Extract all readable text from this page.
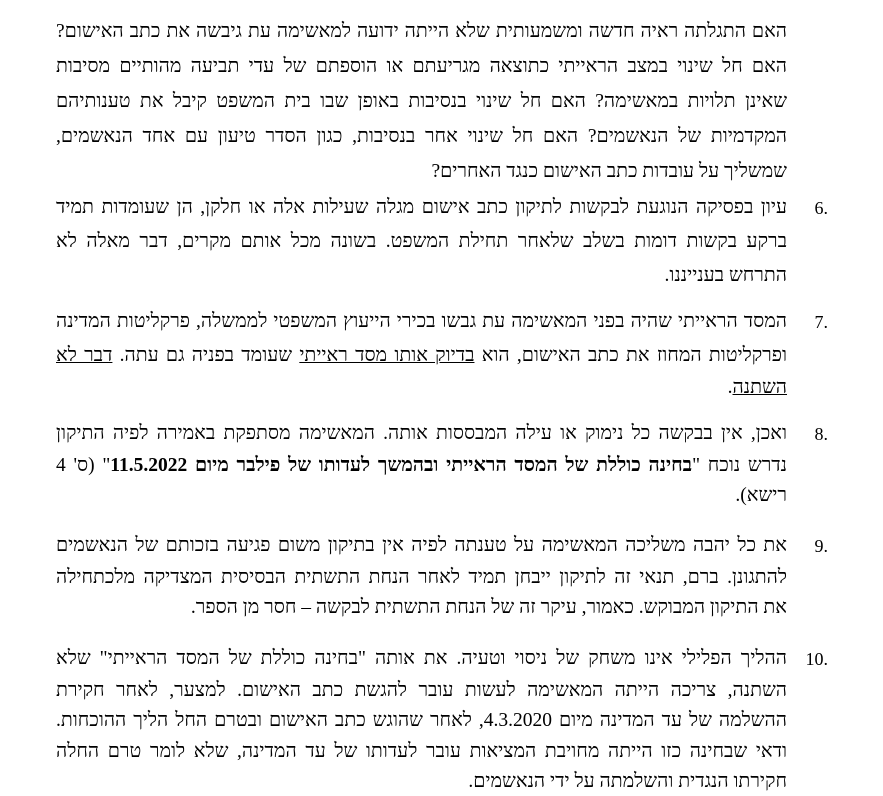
האם התגלתה ראיה חדשה ומשמעותית שלא הייתה ידועה למאשימה עת גיבשה את כתב האישום?
האם חל שינוי במצב הראייתי כתוצאה מגריעתם או הוספתם של עדי תביעה מהותיים מסיבות
שאינן תלויות במאשימה? האם חל שינוי בנסיבות באופן שבו בית המשפט קיבל את טענותיהם
המקדמיות של הנאשמים? האם חל שינוי אחר בנסיבות, כגון הסדר טיעון עם אחד הנאשמים,
שמשליך על עובדות כתב האישום כנגד האחרים?
6.
עיון בפסיקה הנוגעת לבקשות לתיקון כתב אישום מגלה שעילות אלה או חלקן, הן שעומדות תמיד
ברקע בקשות דומות בשלב שלאחר תחילת המשפט. בשונה מכל אותם מקרים, דבר מאלה לא
התרחש בענייננו.
7.
המסד הראייתי שהיה בפני המאשימה עת גבשו בכירי הייעוץ המשפטי לממשלה, פרקליטות המדינה
ופרקליטות המחוז את כתב האישום, הוא בדיוק אותו מסד ראייתי שעומד בפניה גם עתה. דבר לא
השתנה.
8.
ואכן, אין בבקשה כל נימוק או עילה המבססות אותה. המאשימה מסתפקת באמירה לפיה התיקון
נדרש נוכח "בחינה כוללת של המסד הראייתי ובהמשך לעדותו של פילבר מיום 11.5.2022" (ס' 4
רישא).
9.
את כל יהבה משליכה המאשימה על טענתה לפיה אין בתיקון משום פגיעה בזכותם של הנאשמים
להתגונן. ברם, תנאי זה לתיקון ייבחן תמיד לאחר הנחת התשתית הבסיסית המצדיקה מלכתחילה
את התיקון המבוקש. כאמור, עיקר זה של הנחת התשתית לבקשה – חסר מן הספר.
10.
ההליך הפלילי אינו משחק של ניסוי וטעיה. את אותה "בחינה כוללת של המסד הראייתי" שלא
השתנה, צריכה הייתה המאשימה לעשות עובר להגשת כתב האישום. למצער, לאחר חקירת
ההשלמה של עד המדינה מיום 4.3.2020, לאחר שהוגש כתב האישום ובטרם החל הליך ההוכחות.
ודאי שבחינה כזו הייתה מחויבת המציאות עובר לעדותו של עד המדינה, שלא לומר טרם החלה
חקירתו הנגדית והשלמתה על ידי הנאשמים.
